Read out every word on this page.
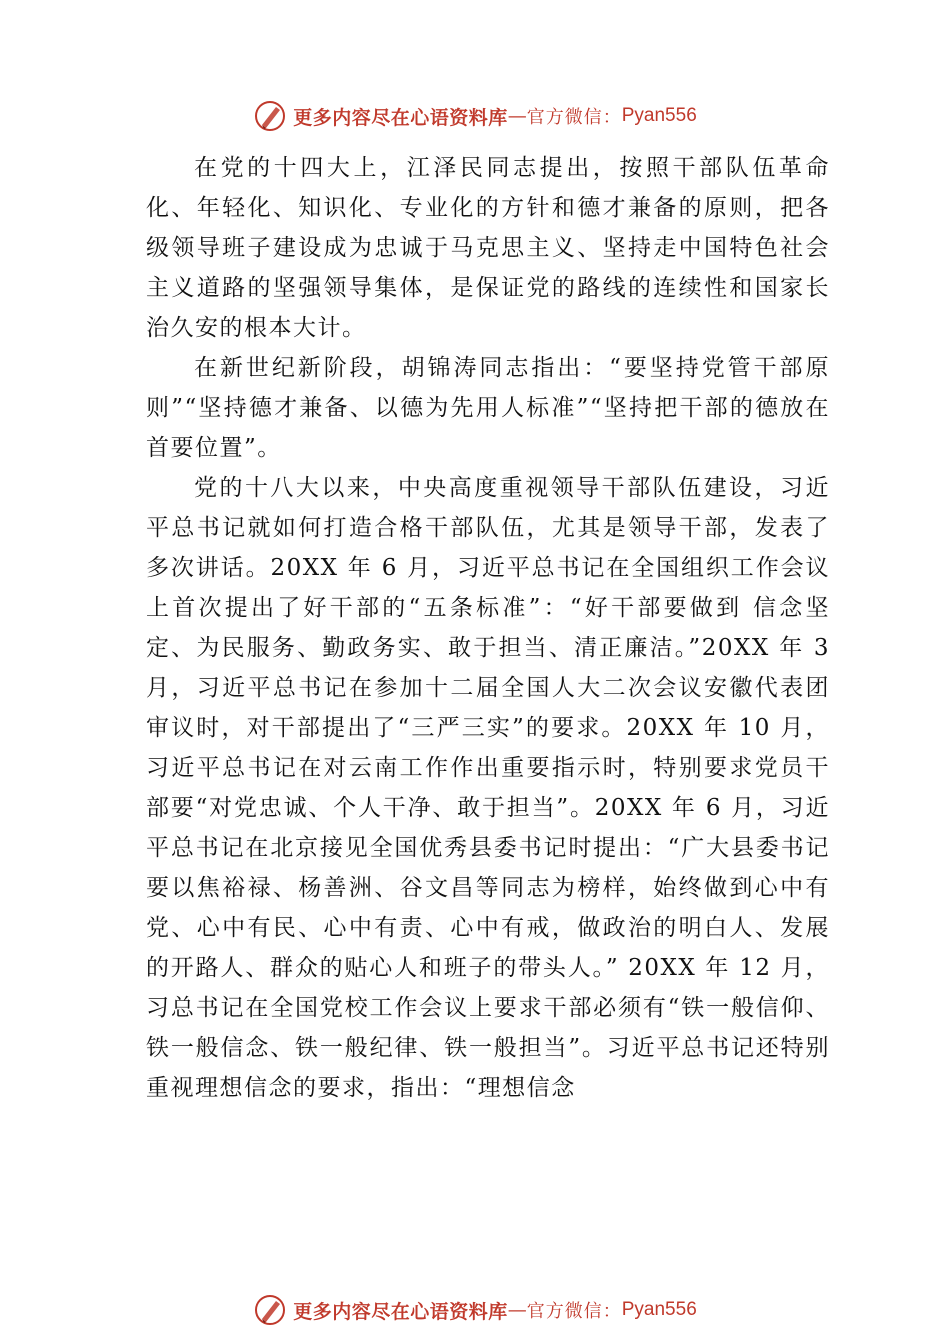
更多内容尽在心语资料库 — 官方微信： Pyan556

在党的十四大上，江泽民同志提出，按照干部队伍革命化、年轻化、知识化、专业化的方针和德才兼备的原则，把各级领导班子建设成为忠诚于马克思主义、坚持走中国特色社会主义道路的坚强领导集体，是保证党的路线的连续性和国家长治久安的根本大计。

在新世纪新阶段，胡锦涛同志指出：“要坚持党管干部原则”“坚持德才兼备、以德为先用人标准”“坚持把干部的德放在首要位置”。

党的十八大以来，中央高度重视领导干部队伍建设，习近平总书记就如何打造合格干部队伍，尤其是领导干部，发表了多次讲话。20XX 年 6 月，习近平总书记在全国组织工作会议上首次提出了好干部的“五条标准”：“好干部要做到 信念坚定、为民服务、勤政务实、敢于担当、清正廉洁。”20XX 年 3 月，习近平总书记在参加十二届全国人大二次会议安徽代表团审议时，对干部提出了“三严三实”的要求。20XX 年 10 月，习近平总书记在对云南工作作出重要指示时，特别要求党员干部要“对党忠诚、个人干净、敢于担当”。20XX 年 6 月，习近平总书记在北京接见全国优秀县委书记时提出：“广大县委书记要以焦裕禄、杨善洲、谷文昌等同志为榜样，始终做到心中有党、心中有民、心中有责、心中有戒，做政治的明白人、发展的开路人、群众的贴心人和班子的带头人。” 20XX 年 12 月，习总书记在全国党校工作会议上要求干部必须有“铁一般信仰、铁一般信念、铁一般纪律、铁一般担当”。习近平总书记还特别重视理想信念的要求，指出：“理想信念

更多内容尽在心语资料库 — 官方微信： Pyan556
